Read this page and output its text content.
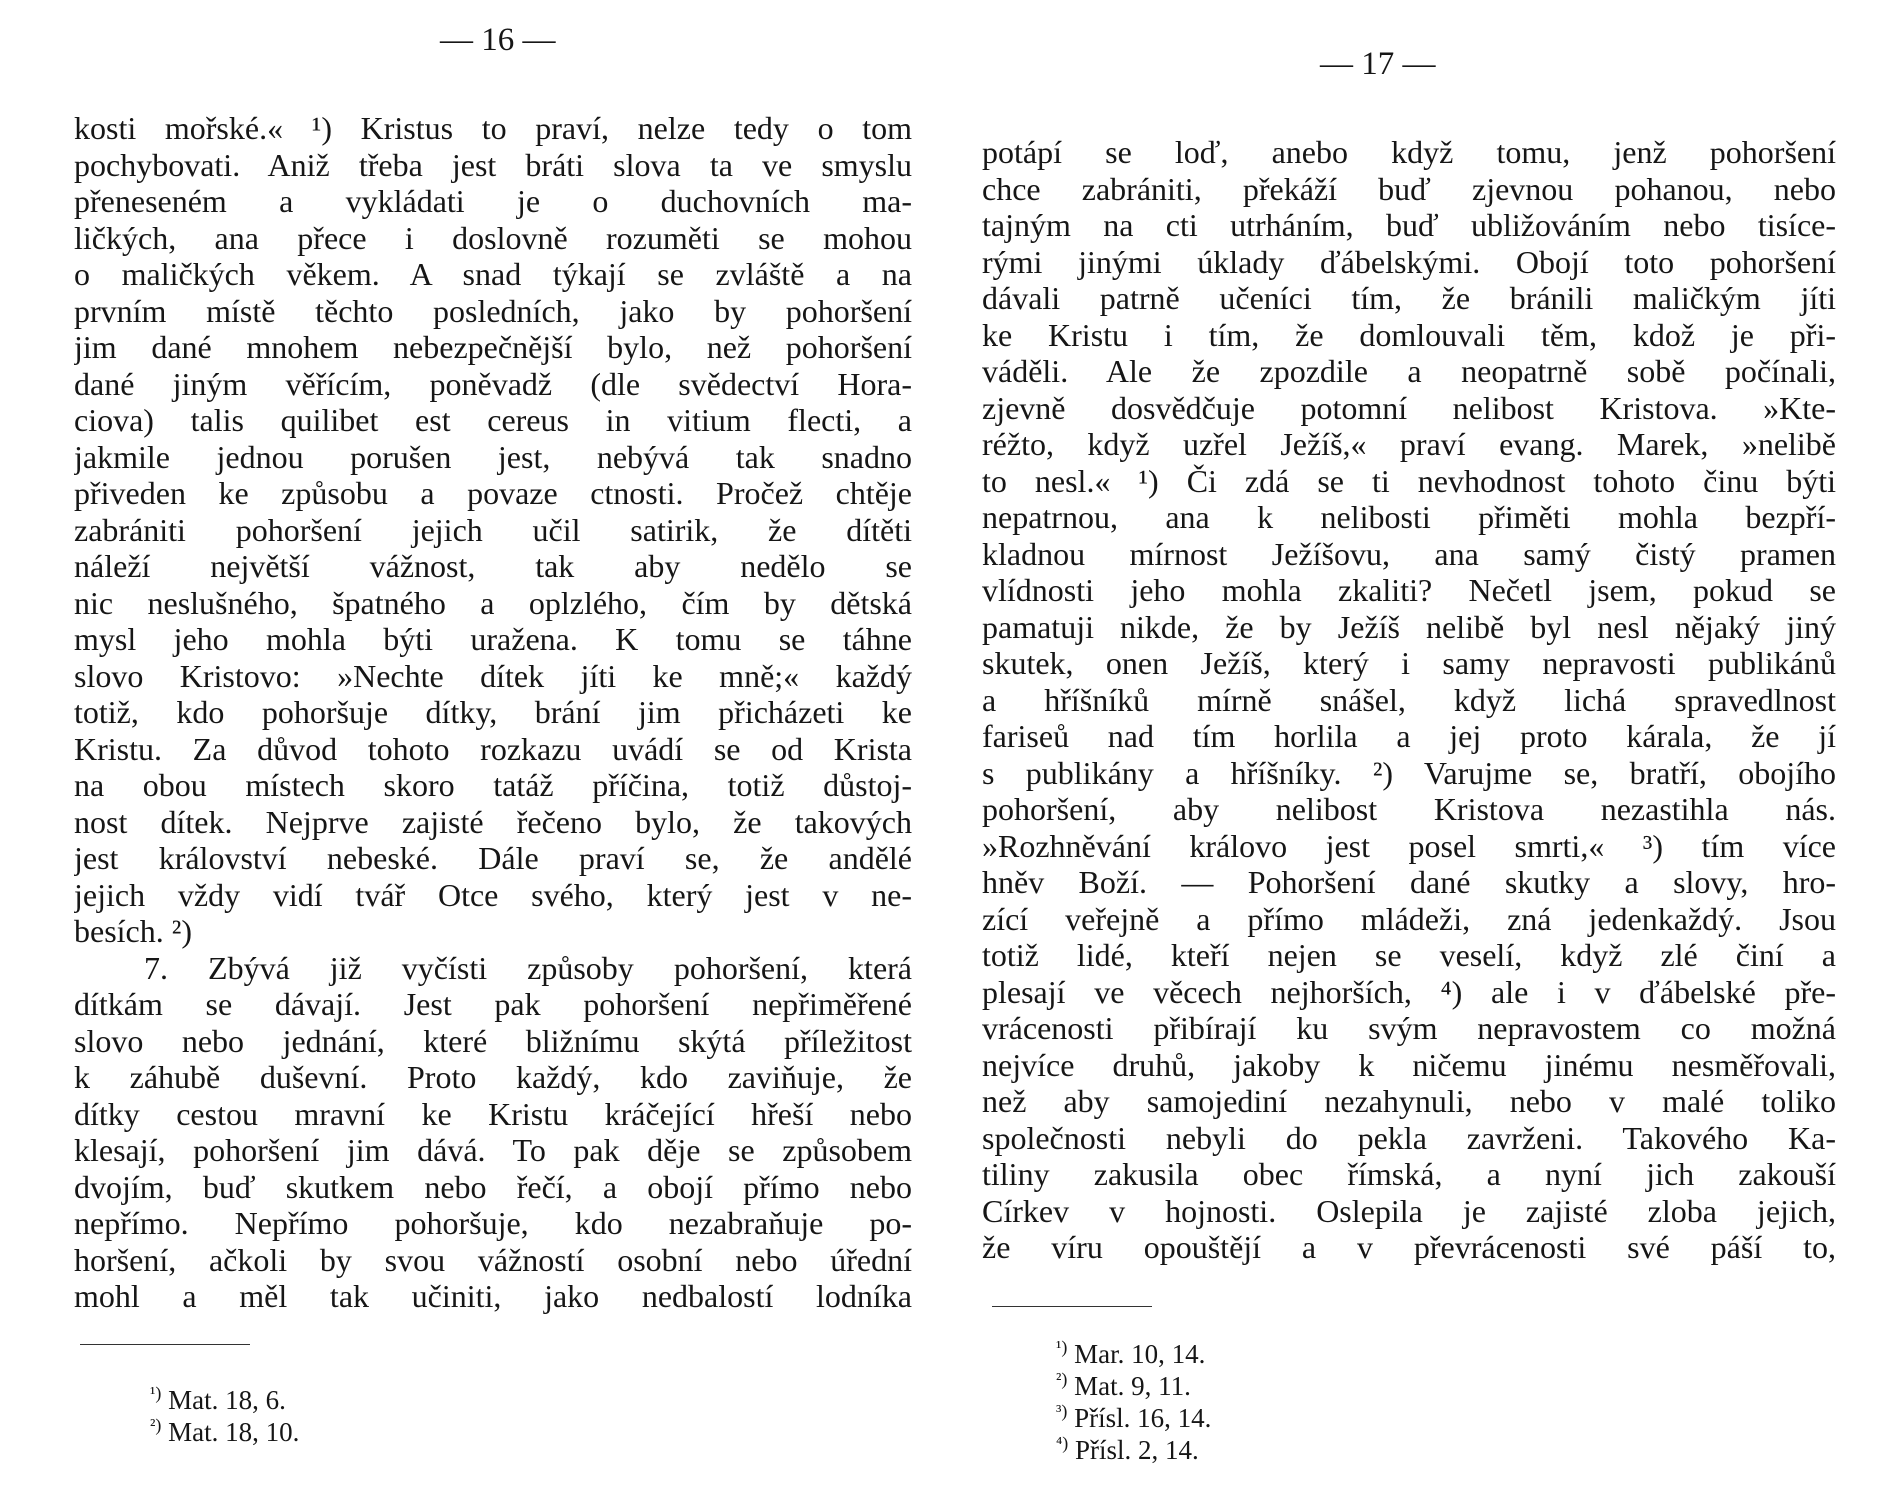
— 16 —
kosti mořské.« ¹) Kristus to praví, nelze tedy o tom
pochybovati. Aniž třeba jest bráti slova ta ve smyslu
přeneseném a vykládati je o duchovních ma-
ličkých, ana přece i doslovně rozuměti se mohou
o maličkých věkem. A snad týkají se zvláště a na
prvním místě těchto posledních, jako by pohoršení
jim dané mnohem nebezpečnější bylo, než pohoršení
dané jiným věřícím, poněvadž (dle svědectví Hora-
ciova) talis quilibet est cereus in vitium flecti, a
jakmile jednou porušen jest, nebývá tak snadno
přiveden ke způsobu a povaze ctnosti. Pročež chtěje
zabrániti pohoršení jejich učil satirik, že dítěti
náleží největší vážnost, tak aby nedělo se
nic neslušného, špatného a oplzlého, čím by dětská
mysl jeho mohla býti uražena. K tomu se táhne
slovo Kristovo: »Nechte dítek jíti ke mně;« každý
totiž, kdo pohoršuje dítky, brání jim přicházeti ke
Kristu. Za důvod tohoto rozkazu uvádí se od Krista
na obou místech skoro tatáž příčina, totiž důstoj-
nost dítek. Nejprve zajisté řečeno bylo, že takových
jest království nebeské. Dále praví se, že andělé
jejich vždy vidí tvář Otce svého, který jest v ne-
besích. ²)
7. Zbývá již vyčísti způsoby pohoršení, která
dítkám se dávají. Jest pak pohoršení nepřiměřené
slovo nebo jednání, které bližnímu skýtá příležitost
k záhubě duševní. Proto každý, kdo zaviňuje, že
dítky cestou mravní ke Kristu kráčející hřeší nebo
klesají, pohoršení jim dává. To pak děje se způsobem
dvojím, buď skutkem nebo řečí, a obojí přímo nebo
nepřímo. Nepřímo pohoršuje, kdo nezabraňuje po-
horšení, ačkoli by svou vážností osobní nebo úřední
mohl a měl tak učiniti, jako nedbalostí lodníka
$^{^1)}$ Mat. 18, 6.
$^{^2)}$ Mat. 18, 10.
— 17 —
potápí se loď, anebo když tomu, jenž pohoršení
chce zabrániti, překáží buď zjevnou pohanou, nebo
tajným na cti utrháním, buď ubližováním nebo tisíce-
rými jinými úklady ďábelskými. Obojí toto pohoršení
dávali patrně učeníci tím, že bránili maličkým jíti
ke Kristu i tím, že domlouvali těm, kdož je při-
váděli. Ale že zpozdile a neopatrně sobě počínali,
zjevně dosvědčuje potomní nelibost Kristova. »Kte-
réžto, když uzřel Ježíš,« praví evang. Marek, »nelibě
to nesl.« ¹) Či zdá se ti nevhodnost tohoto činu býti
nepatrnou, ana k nelibosti přiměti mohla bezpří-
kladnou mírnost Ježíšovu, ana samý čistý pramen
vlídnosti jeho mohla zkaliti? Nečetl jsem, pokud se
pamatuji nikde, že by Ježíš nelibě byl nesl nějaký jiný
skutek, onen Ježíš, který i samy nepravosti publikánů
a hříšníků mírně snášel, když lichá spravedlnost
fariseů nad tím horlila a jej proto kárala, že jí
s publikány a hříšníky. ²) Varujme se, bratří, obojího
pohoršení, aby nelibost Kristova nezastihla nás.
»Rozhněvání královo jest posel smrti,« ³) tím více
hněv Boží. — Pohoršení dané skutky a slovy, hro-
zící veřejně a přímo mládeži, zná jedenkaždý. Jsou
totiž lidé, kteří nejen se veselí, když zlé činí a
plesají ve věcech nejhorších, ⁴) ale i v ďábelské pře-
vrácenosti přibírají ku svým nepravostem co možná
nejvíce druhů, jakoby k ničemu jinému nesměřovali,
než aby samojediní nezahynuli, nebo v malé toliko
společnosti nebyli do pekla zavrženi. Takového Ka-
tiliny zakusila obec římská, a nyní jich zakouší
Církev v hojnosti. Oslepila je zajisté zloba jejich,
že víru opouštějí a v převrácenosti své páší to,
$^{^1)}$ Mar. 10, 14.
$^{^2)}$ Mat. 9, 11.
$^{^3)}$ Přísl. 16, 14.
$^{^4)}$ Přísl. 2, 14.
